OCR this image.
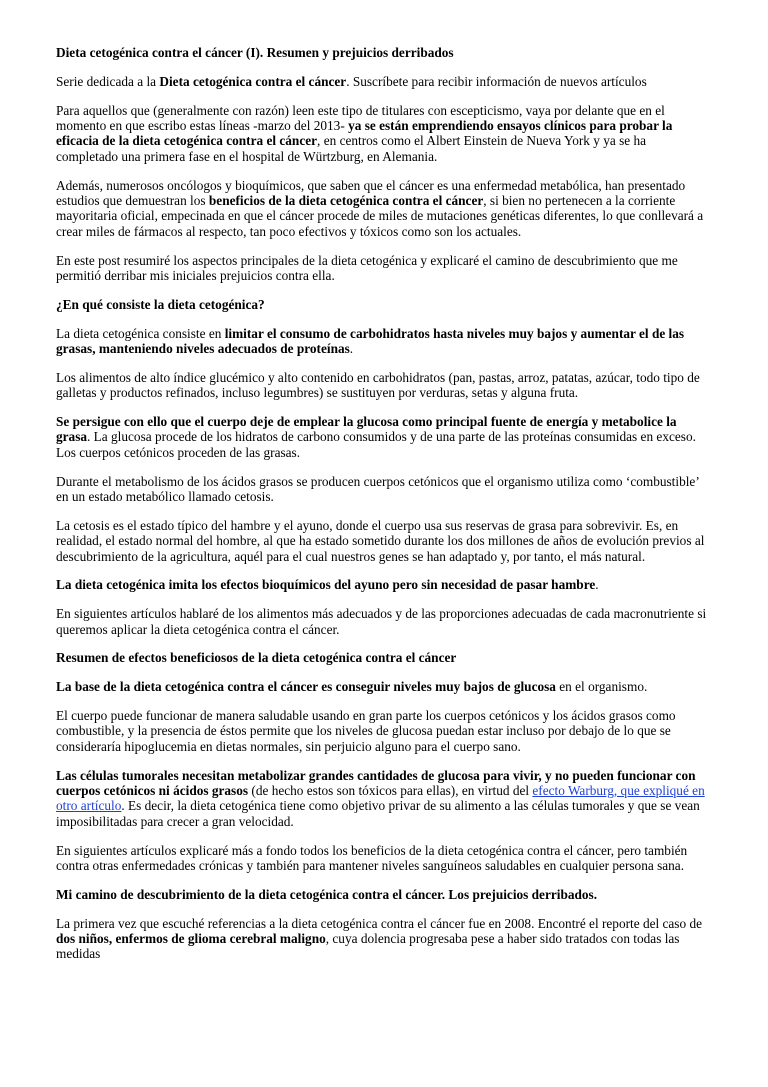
Dieta cetogénica contra el cáncer (I). Resumen y prejuicios derribados

Serie dedicada a la Dieta cetogénica contra el cáncer. Suscríbete para recibir información de nuevos artículos

Para aquellos que (generalmente con razón) leen este tipo de titulares con escepticismo, vaya por delante que en el momento en que escribo estas líneas -marzo del 2013- ya se están emprendiendo ensayos clínicos para probar la eficacia de la dieta cetogénica contra el cáncer, en centros como el Albert Einstein de Nueva York y ya se ha completado una primera fase en el hospital de Würtzburg, en Alemania.

Además, numerosos oncólogos y bioquímicos, que saben que el cáncer es una enfermedad metabólica, han presentado estudios que demuestran los beneficios de la dieta cetogénica contra el cáncer, si bien no pertenecen a la corriente mayoritaria oficial, empecinada en que el cáncer procede de miles de mutaciones genéticas diferentes, lo que conllevará a crear miles de fármacos al respecto, tan poco efectivos y tóxicos como son los actuales.

En este post resumiré los aspectos principales de la dieta cetogénica y explicaré el camino de descubrimiento que me permitió derribar mis iniciales prejuicios contra ella.

¿En qué consiste la dieta cetogénica?

La dieta cetogénica consiste en limitar el consumo de carbohidratos hasta niveles muy bajos y aumentar el de las grasas, manteniendo niveles adecuados de proteínas.

Los alimentos de alto índice glucémico y alto contenido en carbohidratos (pan, pastas, arroz, patatas, azúcar, todo tipo de galletas y productos refinados, incluso legumbres) se sustituyen por verduras, setas y alguna fruta.

Se persigue con ello que el cuerpo deje de emplear la glucosa como principal fuente de energía y metabolice la grasa. La glucosa procede de los hidratos de carbono consumidos y de una parte de las proteínas consumidas en exceso. Los cuerpos cetónicos proceden de las grasas.

Durante el metabolismo de los ácidos grasos se producen cuerpos cetónicos que el organismo utiliza como ‘combustible’ en un estado metabólico llamado cetosis.

La cetosis es el estado típico del hambre y el ayuno, donde el cuerpo usa sus reservas de grasa para sobrevivir. Es, en realidad, el estado normal del hombre, al que ha estado sometido durante los dos millones de años de evolución previos al descubrimiento de la agricultura, aquél para el cual nuestros genes se han adaptado y, por tanto, el más natural.

La dieta cetogénica imita los efectos bioquímicos del ayuno pero sin necesidad de pasar hambre.

En siguientes artículos hablaré de los alimentos más adecuados y de las proporciones adecuadas de cada macronutriente si queremos aplicar la dieta cetogénica contra el cáncer.

Resumen de efectos beneficiosos de la dieta cetogénica contra el cáncer

La base de la dieta cetogénica contra el cáncer es conseguir niveles muy bajos de glucosa en el organismo.

El cuerpo puede funcionar de manera saludable usando en gran parte los cuerpos cetónicos y los ácidos grasos como combustible, y la presencia de éstos permite que los niveles de glucosa puedan estar incluso por debajo de lo que se consideraría hipoglucemia en dietas normales, sin perjuicio alguno para el cuerpo sano.

Las células tumorales necesitan metabolizar grandes cantidades de glucosa para vivir, y no pueden funcionar con cuerpos cetónicos ni ácidos grasos (de hecho estos son tóxicos para ellas), en virtud del efecto Warburg, que expliqué en otro artículo. Es decir, la dieta cetogénica tiene como objetivo privar de su alimento a las células tumorales y que se vean imposibilitadas para crecer a gran velocidad.

En siguientes artículos explicaré más a fondo todos los beneficios de la dieta cetogénica contra el cáncer, pero también contra otras enfermedades crónicas y también para mantener niveles sanguíneos saludables en cualquier persona sana.

Mi camino de descubrimiento de la dieta cetogénica contra el cáncer. Los prejuicios derribados.

La primera vez que escuché referencias a la dieta cetogénica contra el cáncer fue en 2008. Encontré el reporte del caso de dos niños, enfermos de glioma cerebral maligno, cuya dolencia progresaba pese a haber sido tratados con todas las medidas
